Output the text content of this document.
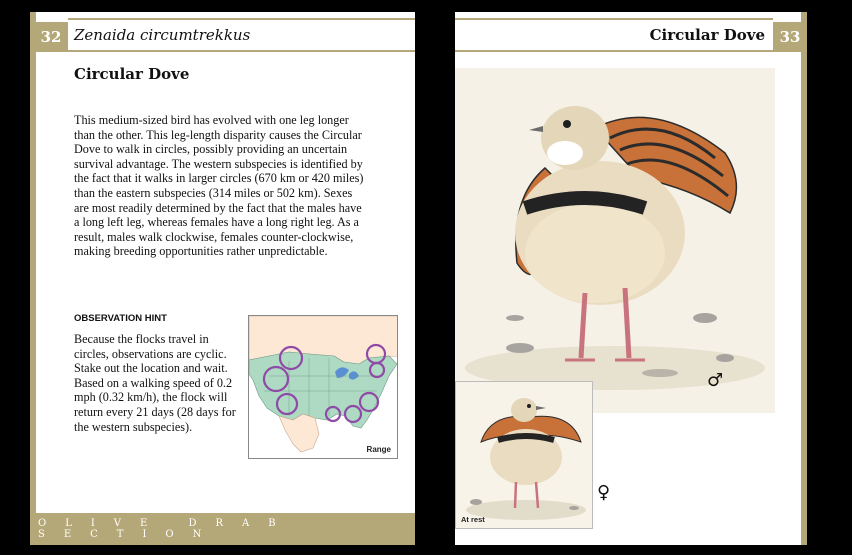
32 Zenaida circumtrekkus
Circular Dove

This medium-sized bird has evolved with one leg longer than the other. This leg-length disparity causes the Circular Dove to walk in circles, possibly providing an uncertain survival advantage. The western subspecies is identified by the fact that it walks in larger circles (670 km or 420 miles) than the eastern subspecies (314 miles or 502 km). Sexes are most readily determined by the fact that the males have a long left leg, whereas females have a long right leg. As a result, males walk clockwise, females counter-clockwise, making breeding opportunities rather unpredictable.

OBSERVATION HINT

Because the flocks travel in circles, observations are cyclic. Stake out the location and wait. Based on a walking speed of 0.2 mph (0.32 km/h), the flock will return every 21 days (28 days for the western subspecies).

Range
OLIVE DRAB SECTION
Circular Dove 33
♂
At rest
♀
